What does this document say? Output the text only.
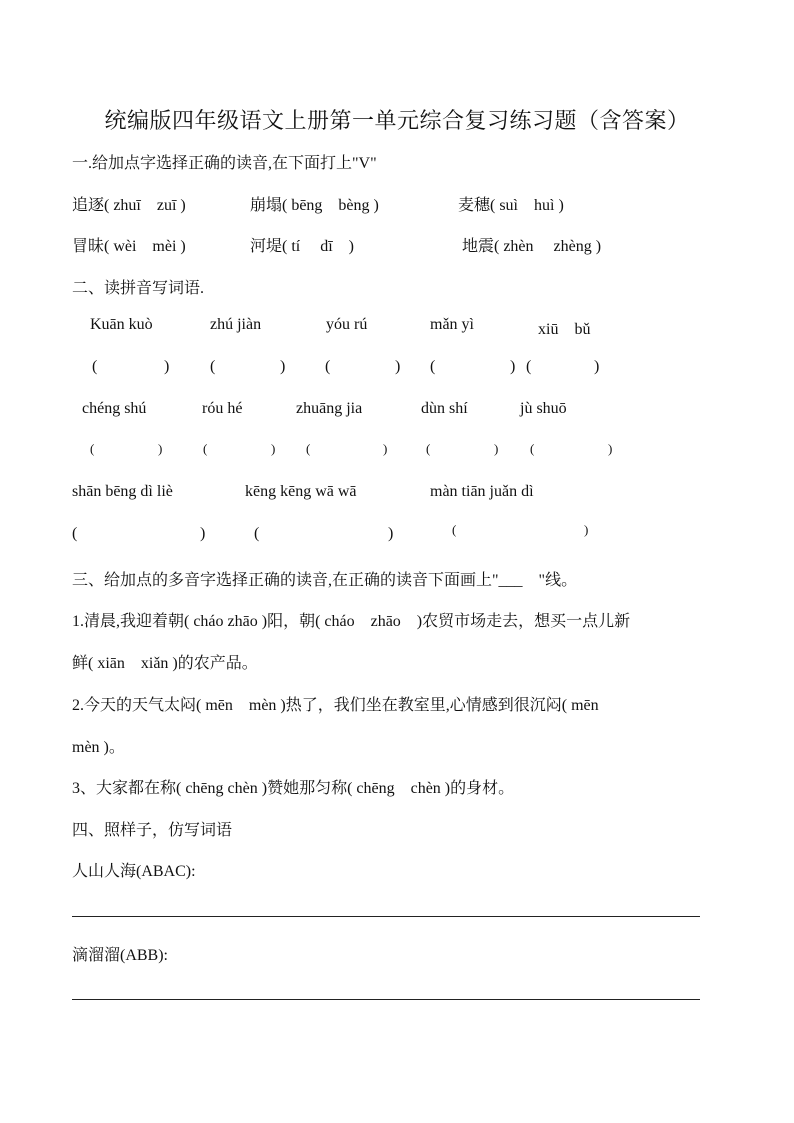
统编版四年级语文上册第一单元综合复习练习题（含答案）
一.给加点字选择正确的读音,在下面打上"V"
追逐( zhuī　zuī )	崩塌( bēng　bèng )	麦穗( suì　huì )
冒昧( wèi　mèi )	河堤( tí　 dī　)	地震( zhèn　 zhèng )
二、读拼音写词语.
Kuān kuò	zhú jiàn	yóu rú	mǎn yì	xiū　bǔ
(	)	(	) (	) (	) (	)
chéng shú	róu hé	zhuāng jia	dùn shí	jù shuō
(	)	(	) (	)	(	) (	)
shān bēng dì liè	kēng kēng wā wā	màn tiān juǎn dì
(	)	(	)	(	)
三、给加点的多音字选择正确的读音,在正确的读音下面画上"___　"线。
1.清晨,我迎着朝( cháo zhāo )阳，朝( cháo　zhāo　)农贸市场走去，想买一点儿新
鲜( xiān　xiǎn )的农产品。
2.今天的天气太闷( mēn　mèn )热了，我们坐在教室里,心情感到很沉闷( mēn
mèn )。
3、大家都在称( chēng chèn )赞她那匀称( chēng　chèn )的身材。
四、照样子，仿写词语
人山人海(ABAC):
滴溜溜(ABB):
